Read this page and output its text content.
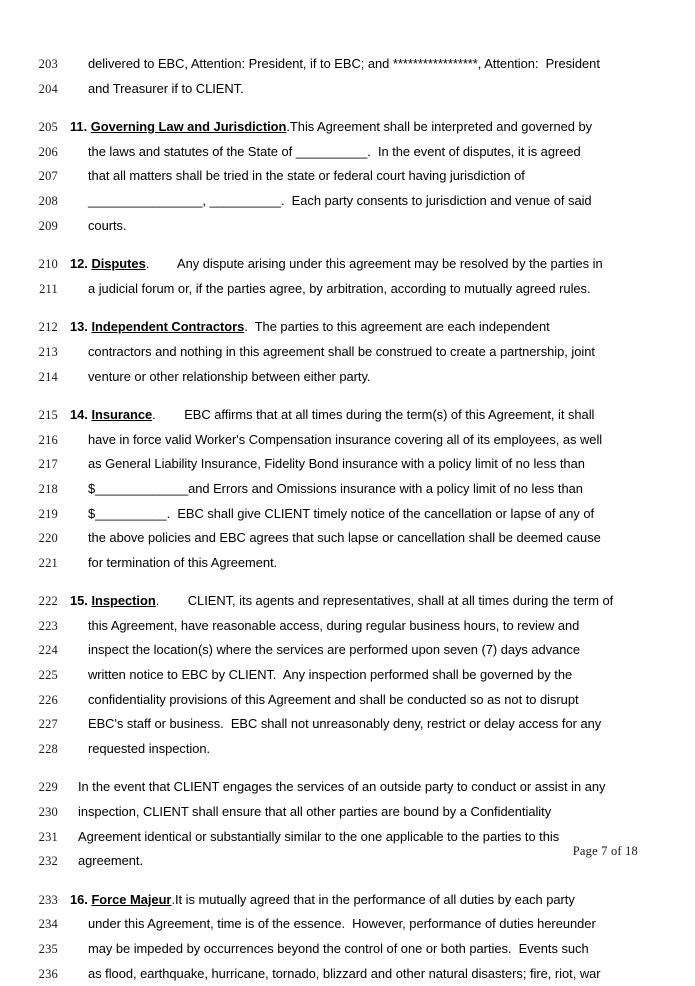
203	delivered to EBC, Attention: President, if to EBC; and *****************, Attention:  President
204	and Treasurer if to CLIENT.
205 11. Governing Law and Jurisdiction.This Agreement shall be interpreted and governed by
206	the laws and statutes of the State of __________.  In the event of disputes, it is agreed
207	that all matters shall be tried in the state or federal court having jurisdiction of
208	________________, __________.  Each party consents to jurisdiction and venue of said
209	courts.
210 12. Disputes.        Any dispute arising under this agreement may be resolved by the parties in
211	a judicial forum or, if the parties agree, by arbitration, according to mutually agreed rules.
212 13. Independent Contractors.  The parties to this agreement are each independent
213	contractors and nothing in this agreement shall be construed to create a partnership, joint
214	venture or other relationship between either party.
215 14. Insurance.        EBC affirms that at all times during the term(s) of this Agreement, it shall
216	have in force valid Worker's Compensation insurance covering all of its employees, as well
217	as General Liability Insurance, Fidelity Bond insurance with a policy limit of no less than
218	$_____________and Errors and Omissions insurance with a policy limit of no less than
219	$__________.  EBC shall give CLIENT timely notice of the cancellation or lapse of any of
220	the above policies and EBC agrees that such lapse or cancellation shall be deemed cause
221	for termination of this Agreement.
222 15. Inspection.        CLIENT, its agents and representatives, shall at all times during the term of
223	this Agreement, have reasonable access, during regular business hours, to review and
224	inspect the location(s) where the services are performed upon seven (7) days advance
225	written notice to EBC by CLIENT.  Any inspection performed shall be governed by the
226	confidentiality provisions of this Agreement and shall be conducted so as not to disrupt
227	EBC's staff or business.  EBC shall not unreasonably deny, restrict or delay access for any
228	requested inspection.
229	In the event that CLIENT engages the services of an outside party to conduct or assist in any
230	inspection, CLIENT shall ensure that all other parties are bound by a Confidentiality
231	Agreement identical or substantially similar to the one applicable to the parties to this
232	agreement.
233 16. Force Majeur.It is mutually agreed that in the performance of all duties by each party
234	under this Agreement, time is of the essence.  However, performance of duties hereunder
235	may be impeded by occurrences beyond the control of one or both parties.  Events such
236	as flood, earthquake, hurricane, tornado, blizzard and other natural disasters; fire, riot, war
Page 7 of 18
